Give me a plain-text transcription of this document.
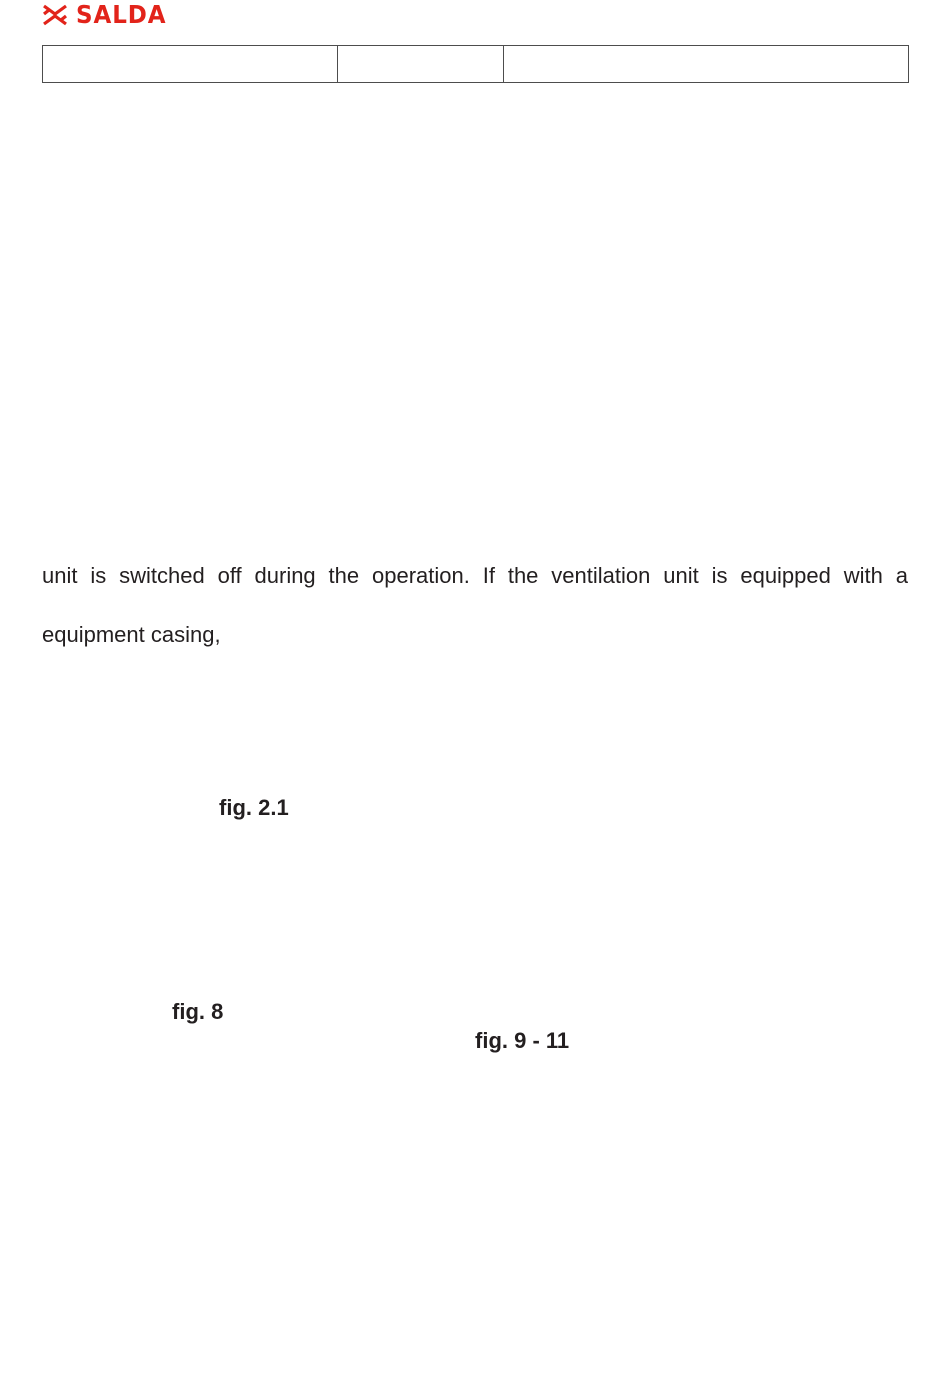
SALDA

unit is switched off during the operation. If the ventilation unit is equipped with a equipment casing,

fig. 2.1
fig. 8
fig. 9 - 11
